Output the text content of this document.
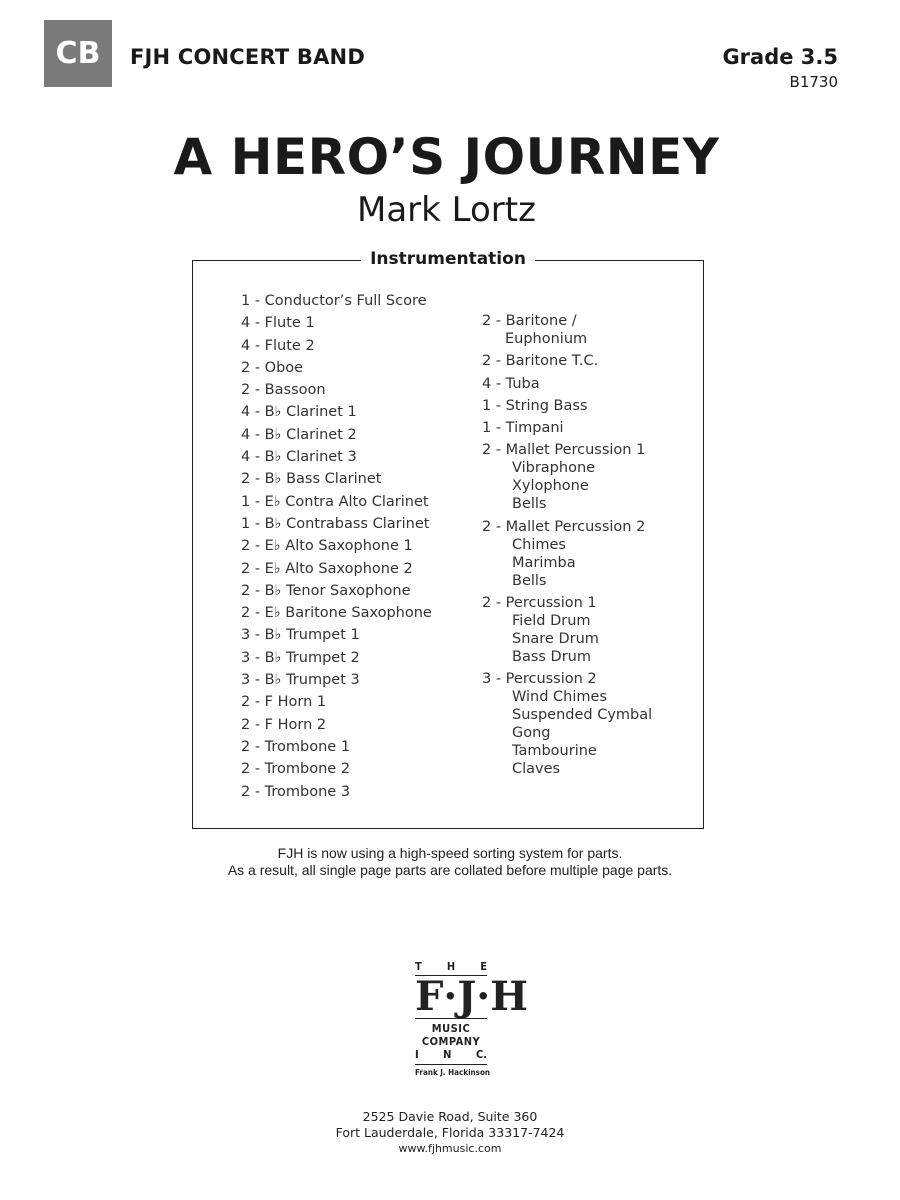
CB	FJH CONCERT BAND	Grade 3.5
B1730
A HERO’S JOURNEY
Mark Lortz
Instrumentation
1 - Conductor’s Full Score
4 - Flute 1
4 - Flute 2
2 - Oboe
2 - Bassoon
4 - B♭ Clarinet 1
4 - B♭ Clarinet 2
4 - B♭ Clarinet 3
2 - B♭ Bass Clarinet
1 - E♭ Contra Alto Clarinet
1 - B♭ Contrabass Clarinet
2 - E♭ Alto Saxophone 1
2 - E♭ Alto Saxophone 2
2 - B♭ Tenor Saxophone
2 - E♭ Baritone Saxophone
3 - B♭ Trumpet 1
3 - B♭ Trumpet 2
3 - B♭ Trumpet 3
2 - F Horn 1
2 - F Horn 2
2 - Trombone 1
2 - Trombone 2
2 - Trombone 3
2 - Baritone /
Euphonium
2 - Baritone T.C.
4 - Tuba
1 - String Bass
1 - Timpani
2 - Mallet Percussion 1
Vibraphone
Xylophone
Bells
2 - Mallet Percussion 2
Chimes
Marimba
Bells
2 - Percussion 1
Field Drum
Snare Drum
Bass Drum
3 - Percussion 2
Wind Chimes
Suspended Cymbal
Gong
Tambourine
Claves
FJH is now using a high-speed sorting system for parts.
As a result, all single page parts are collated before multiple page parts.
T H E
F · J · H
MUSIC
COMPANY
I N C.
Frank J. Hackinson
2525 Davie Road, Suite 360
Fort Lauderdale, Florida 33317-7424
www.fjhmusic.com
